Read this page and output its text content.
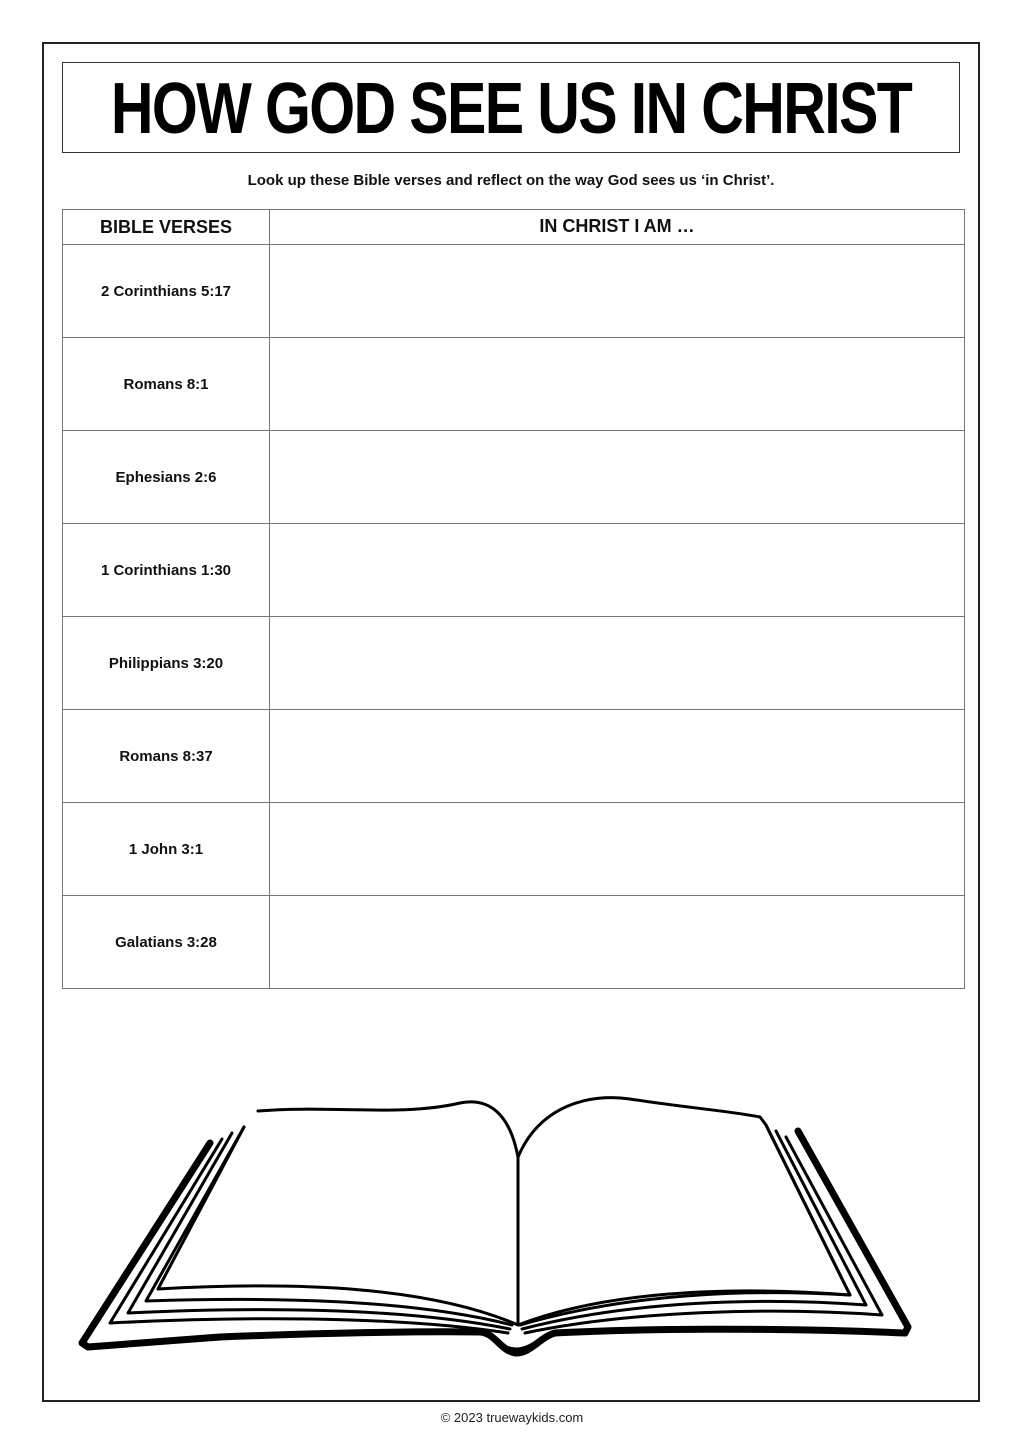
HOW GOD SEE US IN CHRIST
Look up these Bible verses and reflect on the way God sees us ‘in Christ’.
BIBLE VERSES	IN CHRIST I AM …
2 Corinthians 5:17	
Romans 8:1	
Ephesians 2:6	
1 Corinthians 1:30	
Philippians 3:20	
Romans 8:37	
1 John 3:1	
Galatians 3:28	
© 2023 truewaykids.com
